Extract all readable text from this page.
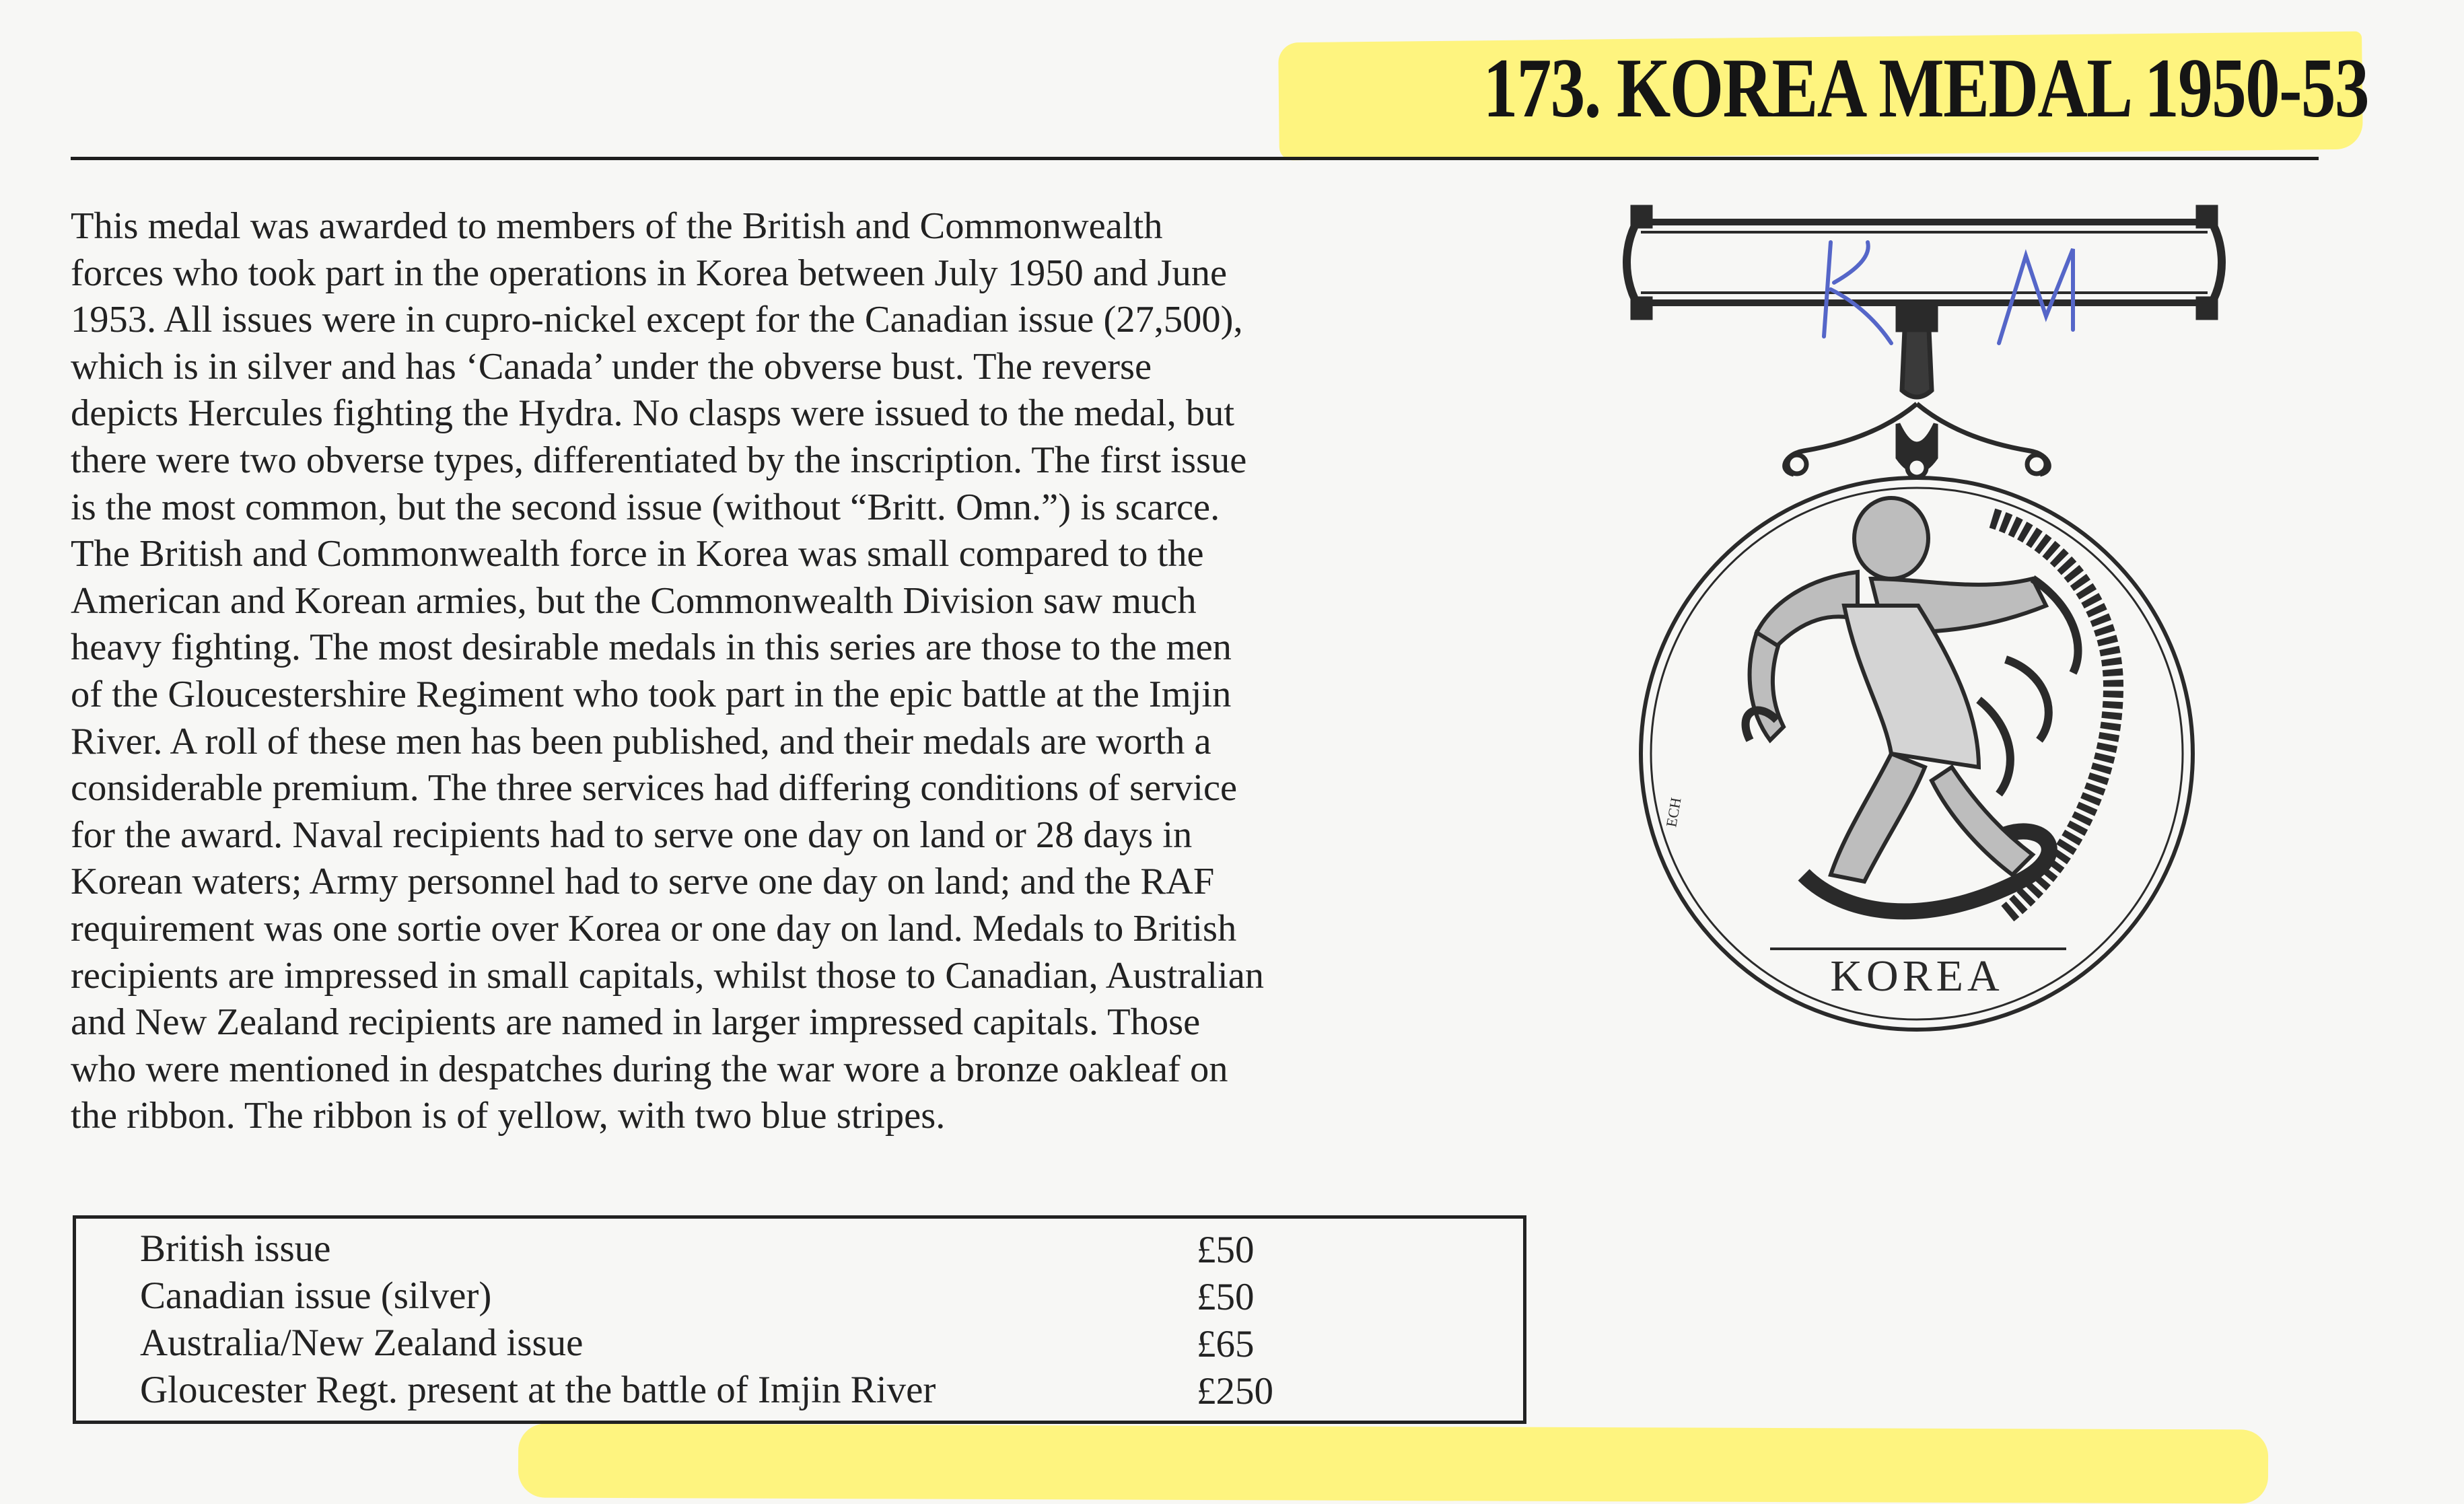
173. KOREA MEDAL 1950-53
This medal was awarded to members of the British and Commonwealth
forces who took part in the operations in Korea between July 1950 and June
1953. All issues were in cupro-nickel except for the Canadian issue (27,500),
which is in silver and has ‘Canada’ under the obverse bust. The reverse
depicts Hercules fighting the Hydra. No clasps were issued to the medal, but
there were two obverse types, differentiated by the inscription. The first issue
is the most common, but the second issue (without “Britt. Omn.”) is scarce.
The British and Commonwealth force in Korea was small compared to the
American and Korean armies, but the Commonwealth Division saw much
heavy fighting. The most desirable medals in this series are those to the men
of the Gloucestershire Regiment who took part in the epic battle at the Imjin
River. A roll of these men has been published, and their medals are worth a
considerable premium. The three services had differing conditions of service
for the award. Naval recipients had to serve one day on land or 28 days in
Korean waters; Army personnel had to serve one day on land; and the RAF
requirement was one sortie over Korea or one day on land. Medals to British
recipients are impressed in small capitals, whilst those to Canadian, Australian
and New Zealand recipients are named in larger impressed capitals. Those
who were mentioned in despatches during the war wore a bronze oakleaf on
the ribbon. The ribbon is of yellow, with two blue stripes.
KOREA
ECH
British issue	£50
Canadian issue (silver)	£50
Australia/New Zealand issue	£65
Gloucester Regt. present at the battle of Imjin River	£250
